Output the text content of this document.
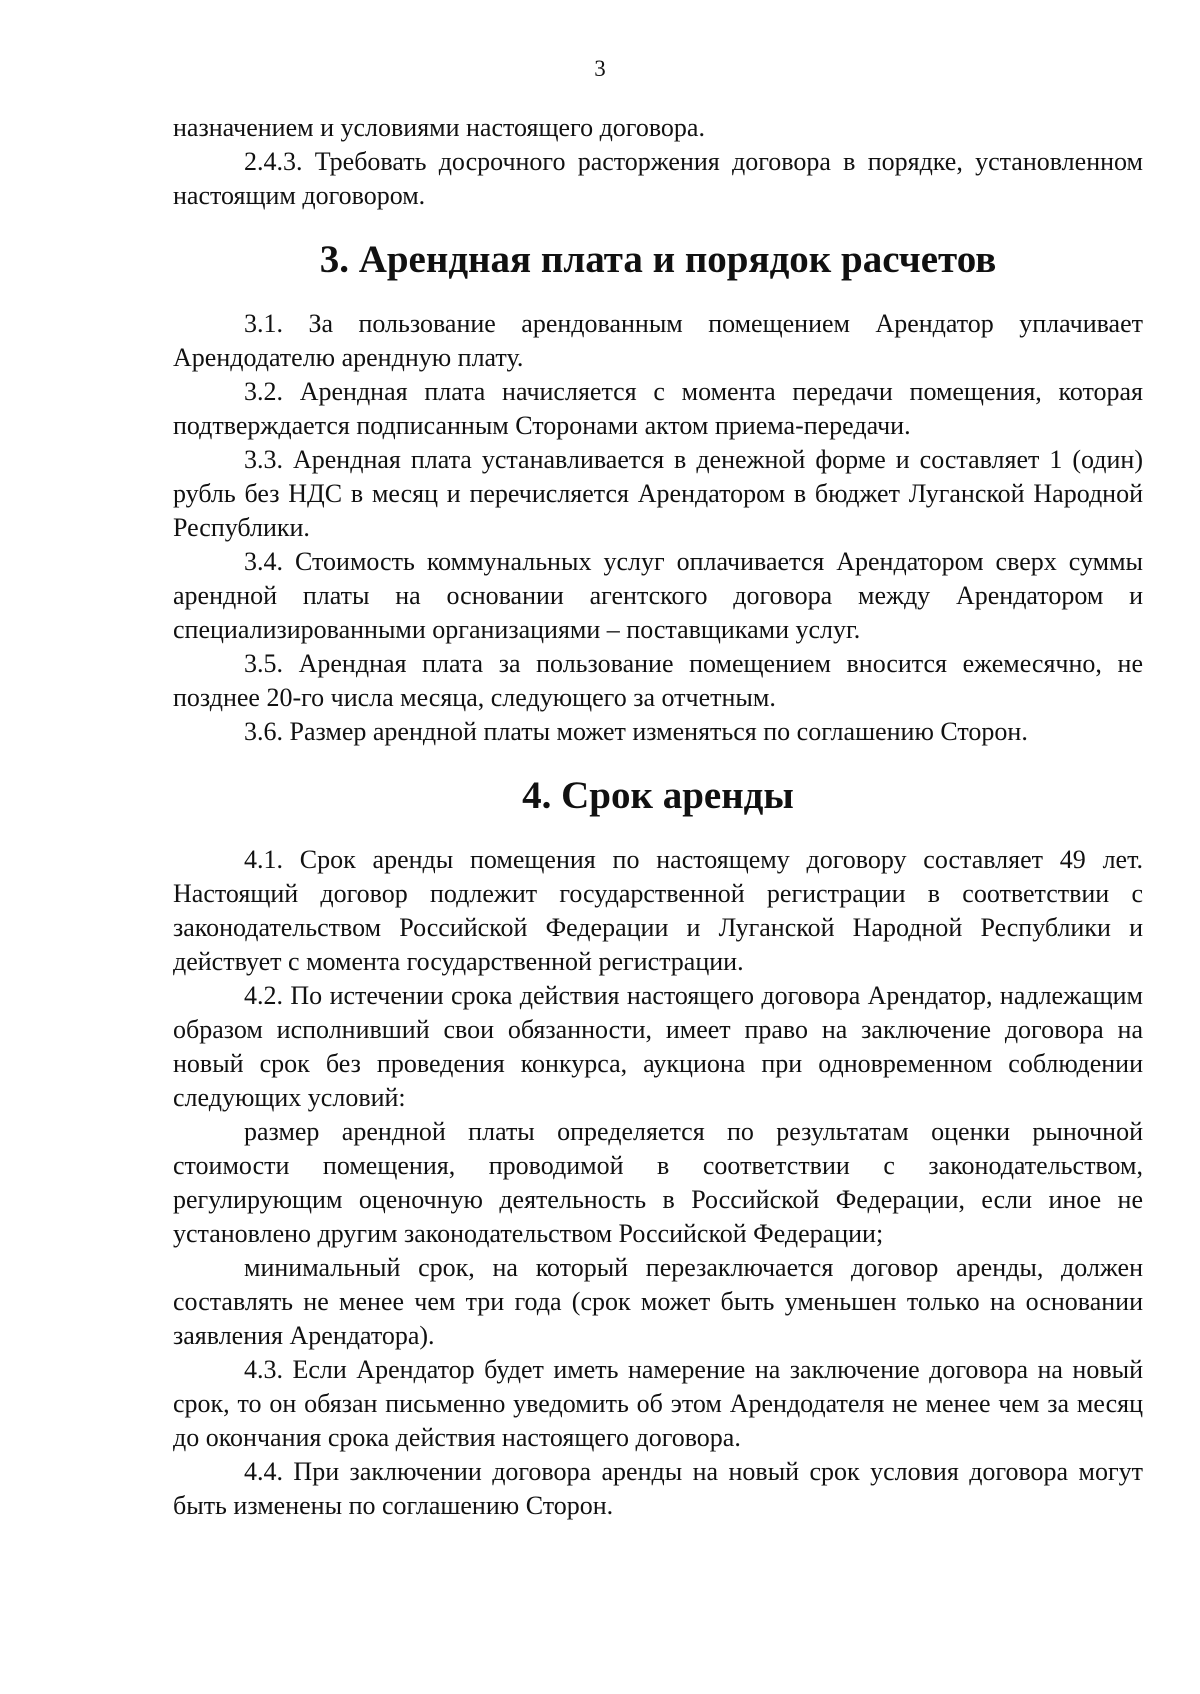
3

назначением и условиями настоящего договора.

2.4.3. Требовать досрочного расторжения договора в порядке, установленном настоящим договором.

3. Арендная плата и порядок расчетов

3.1. За пользование арендованным помещением Арендатор уплачивает Арендодателю арендную плату.

3.2. Арендная плата начисляется с момента передачи помещения, которая подтверждается подписанным Сторонами актом приема-передачи.

3.3. Арендная плата устанавливается в денежной форме и составляет 1 (один) рубль без НДС в месяц и перечисляется Арендатором в бюджет Луганской Народной Республики.

3.4. Стоимость коммунальных услуг оплачивается Арендатором сверх суммы арендной платы на основании агентского договора между Арендатором и специализированными организациями – поставщиками услуг.

3.5. Арендная плата за пользование помещением вносится ежемесячно, не позднее 20-го числа месяца, следующего за отчетным.

3.6. Размер арендной платы может изменяться по соглашению Сторон.

4. Срок аренды

4.1. Срок аренды помещения по настоящему договору составляет 49 лет. Настоящий договор подлежит государственной регистрации в соответствии с законодательством Российской Федерации и Луганской Народной Республики и действует с момента государственной регистрации.

4.2. По истечении срока действия настоящего договора Арендатор, надлежащим образом исполнивший свои обязанности, имеет право на заключение договора на новый срок без проведения конкурса, аукциона при одновременном соблюдении следующих условий:

размер арендной платы определяется по результатам оценки рыночной стоимости помещения, проводимой в соответствии с законодательством, регулирующим оценочную деятельность в Российской Федерации, если иное не установлено другим законодательством Российской Федерации;

минимальный срок, на который перезаключается договор аренды, должен составлять не менее чем три года (срок может быть уменьшен только на основании заявления Арендатора).

4.3. Если Арендатор будет иметь намерение на заключение договора на новый срок, то он обязан письменно уведомить об этом Арендодателя не менее чем за месяц до окончания срока действия настоящего договора.

4.4. При заключении договора аренды на новый срок условия договора могут быть изменены по соглашению Сторон.
